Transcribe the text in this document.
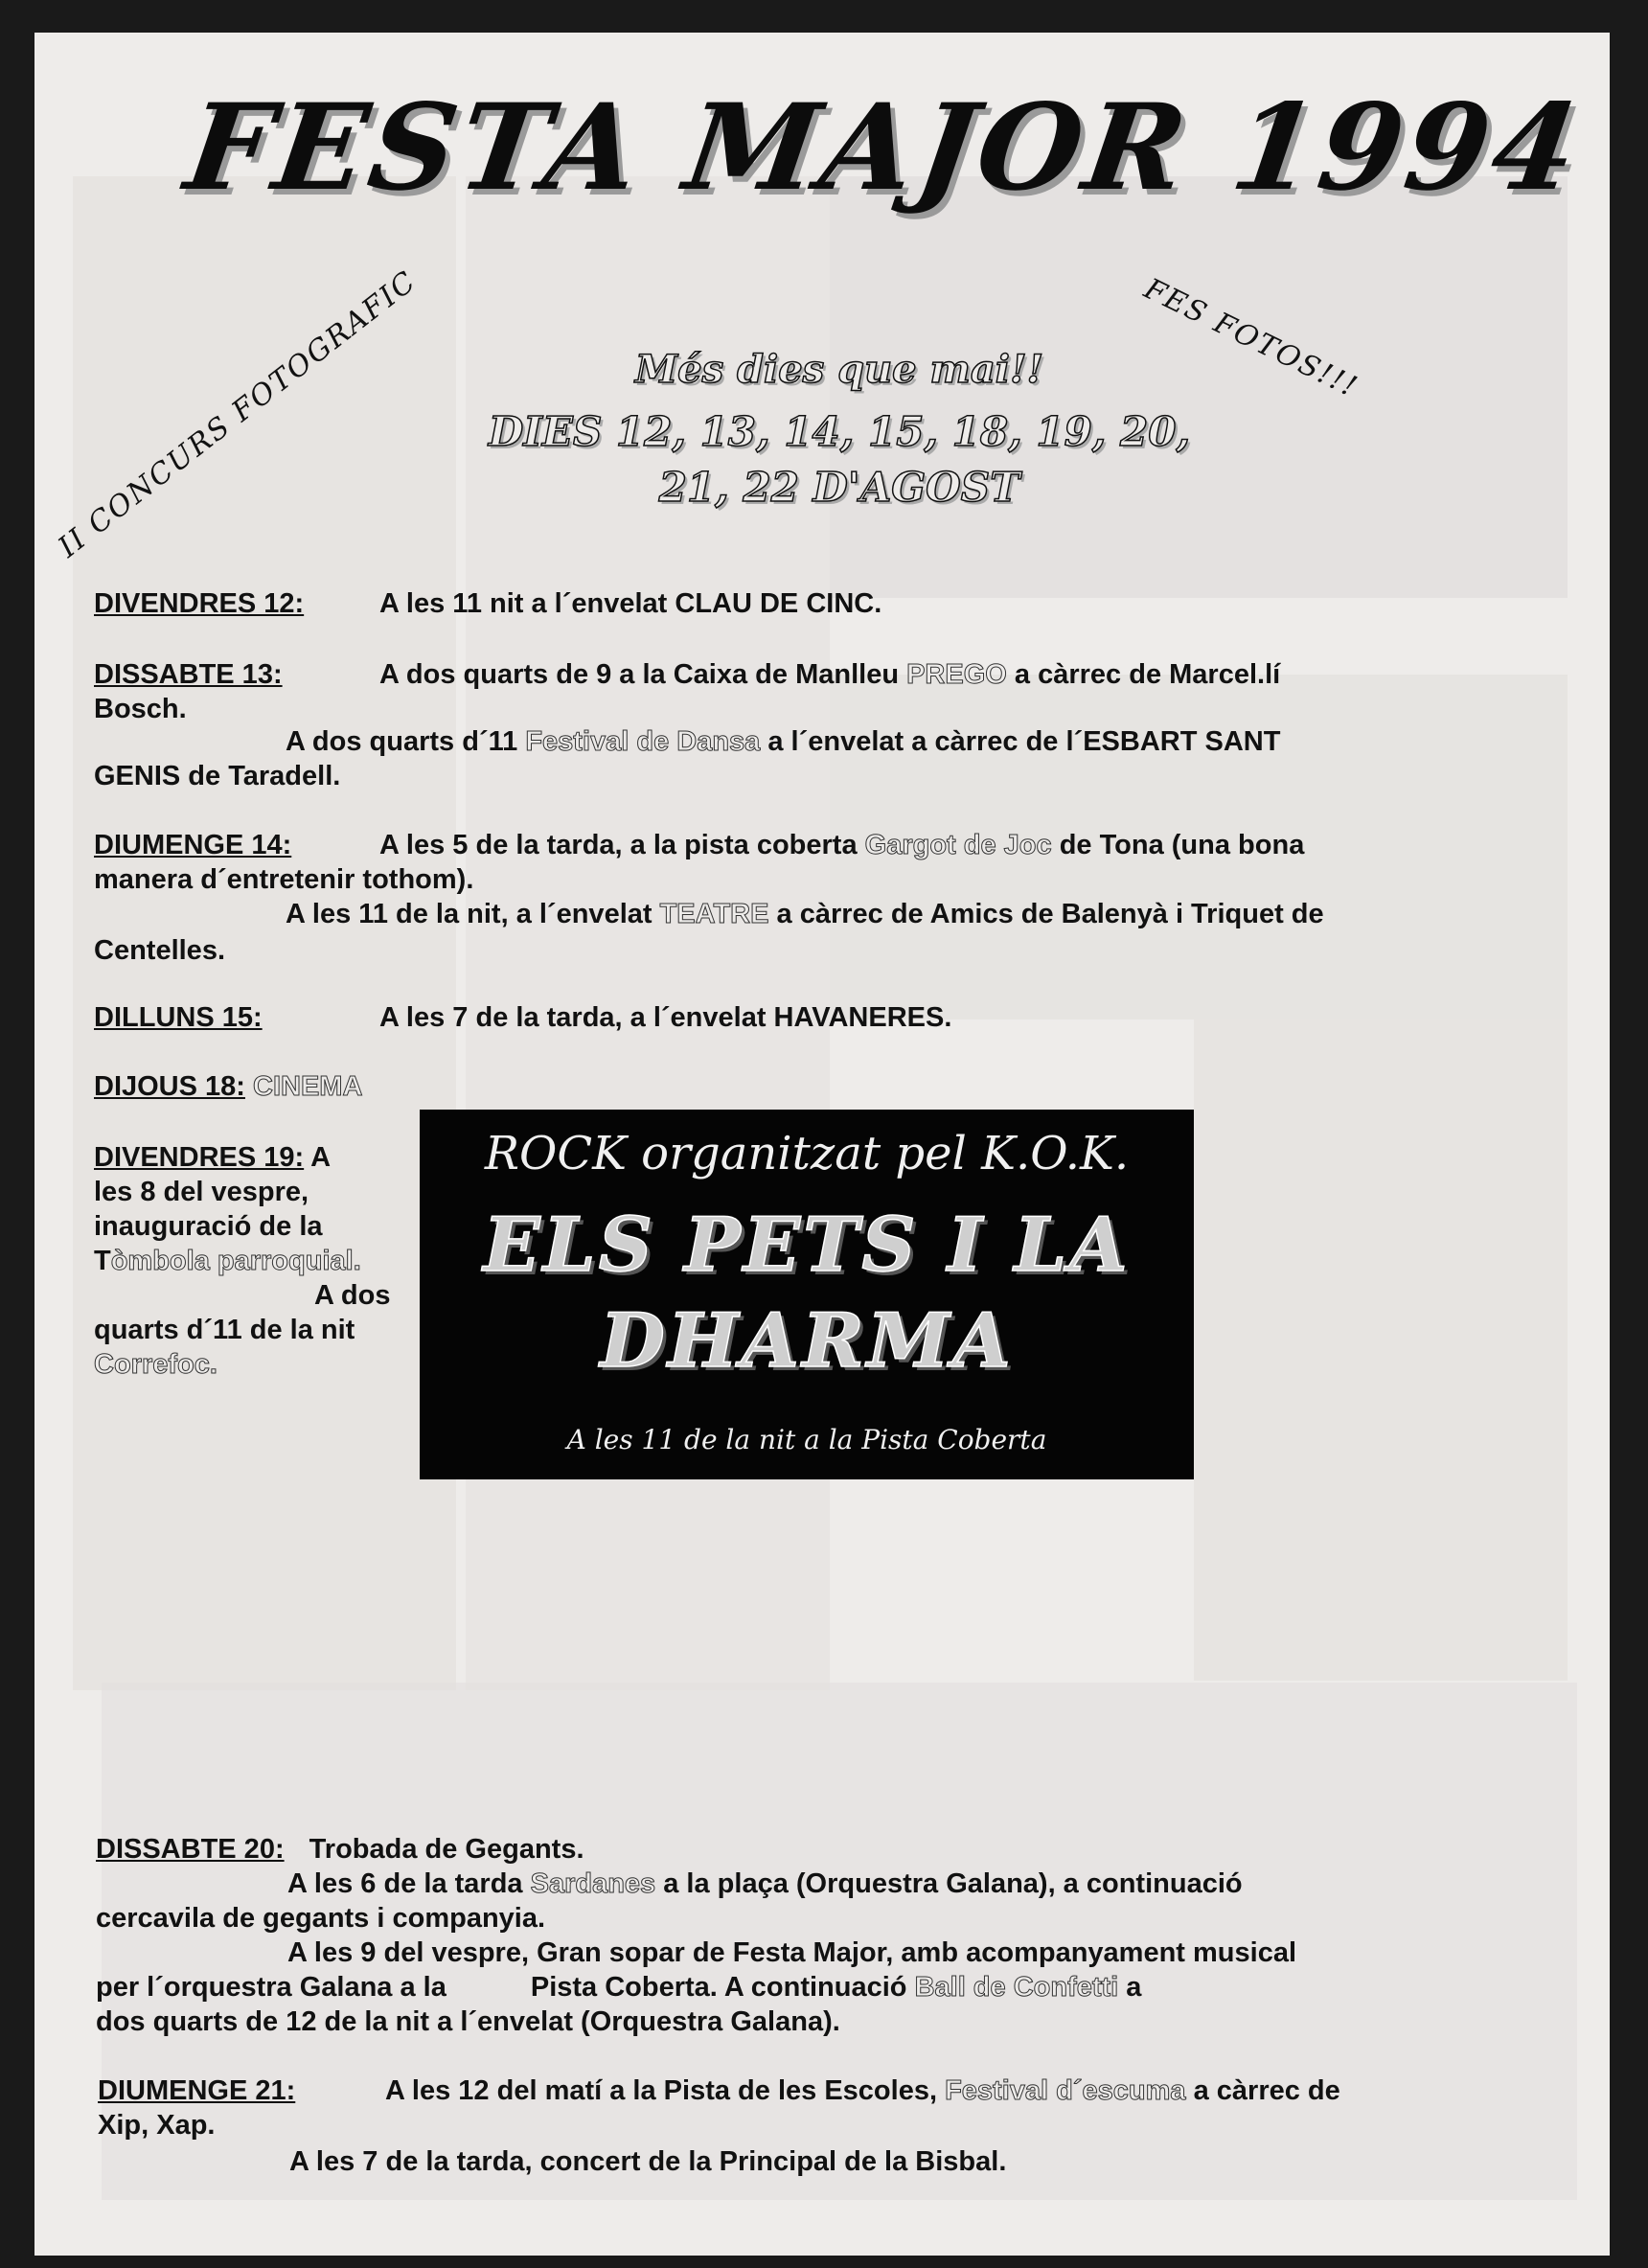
FESTA MAJOR 1994
II CONCURS FOTOGRAFIC	FES FOTOS!!!
Més dies que mai!!
DIES 12, 13, 14, 15, 18, 19, 20,
21, 22 D'AGOST
DIVENDRES 12:	A les 11 nit a l´envelat CLAU DE CINC.
DISSABTE 13:	A dos quarts de 9 a la Caixa de Manlleu PREGO a càrrec de Marcel.lí
Bosch.
A dos quarts d´11 Festival de Dansa a l´envelat a càrrec de l´ESBART SANT
GENIS de Taradell.
DIUMENGE 14:	A les 5 de la tarda, a la pista coberta Gargot de Joc de Tona (una bona
manera d´entretenir tothom).
A les 11 de la nit, a l´envelat TEATRE a càrrec de Amics de Balenyà i Triquet de
Centelles.
DILLUNS 15:	A les 7 de la tarda, a l´envelat HAVANERES.
DIJOUS 18: CINEMA
DIVENDRES 19: A
les 8 del vespre,
inauguració de la
Tòmbola parroquial.
A dos
quarts d´11 de la nit
Correfoc.
ROCK organitzat pel K.O.K.
ELS PETS I LA
DHARMA
A les 11 de la nit a la Pista Coberta
DISSABTE 20: Trobada de Gegants.
A les 6 de la tarda Sardanes a la plaça (Orquestra Galana), a continuació
cercavila de gegants i companyia.
A les 9 del vespre, Gran sopar de Festa Major, amb acompanyament musical
per l´orquestra Galana a la	Pista Coberta. A continuació Ball de Confetti a
dos quarts de 12 de la nit a l´envelat (Orquestra Galana).
DIUMENGE 21:	A les 12 del matí a la Pista de les Escoles, Festival d´escuma a càrrec de
Xip, Xap.
A les 7 de la tarda, concert de la Principal de la Bisbal.
